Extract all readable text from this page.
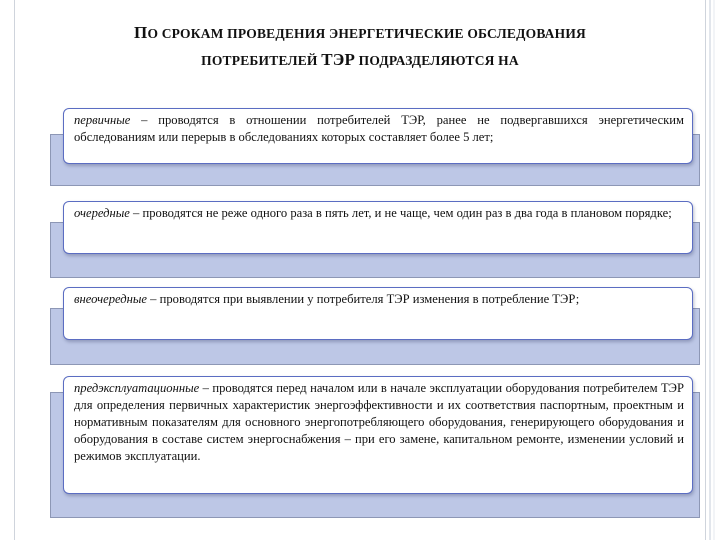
ПО СРОКАМ ПРОВЕДЕНИЯ ЭНЕРГЕТИЧЕСКИЕ ОБСЛЕДОВАНИЯ
ПОТРЕБИТЕЛЕЙ ТЭР ПОДРАЗДЕЛЯЮТСЯ НА
первичные – проводятся в отношении потребителей ТЭР, ранее не подвергавшихся энергетическим обследованиям или перерыв в обследованиях которых составляет более 5 лет;
очередные – проводятся не реже одного раза в пять лет, и не чаще, чем один раз в два года в плановом порядке;
внеочередные – проводятся при выявлении у потребителя ТЭР изменения в потребление ТЭР;
предэксплуатационные – проводятся перед началом или в начале эксплуатации оборудования потребителем ТЭР для определения первичных характеристик энергоэффективности и их соответствия паспортным, проектным и нормативным показателям для основного энергопотребляющего оборудования, генерирующего оборудования и оборудования в составе систем энергоснабжения – при его замене, капитальном ремонте, изменении условий и режимов эксплуатации.
